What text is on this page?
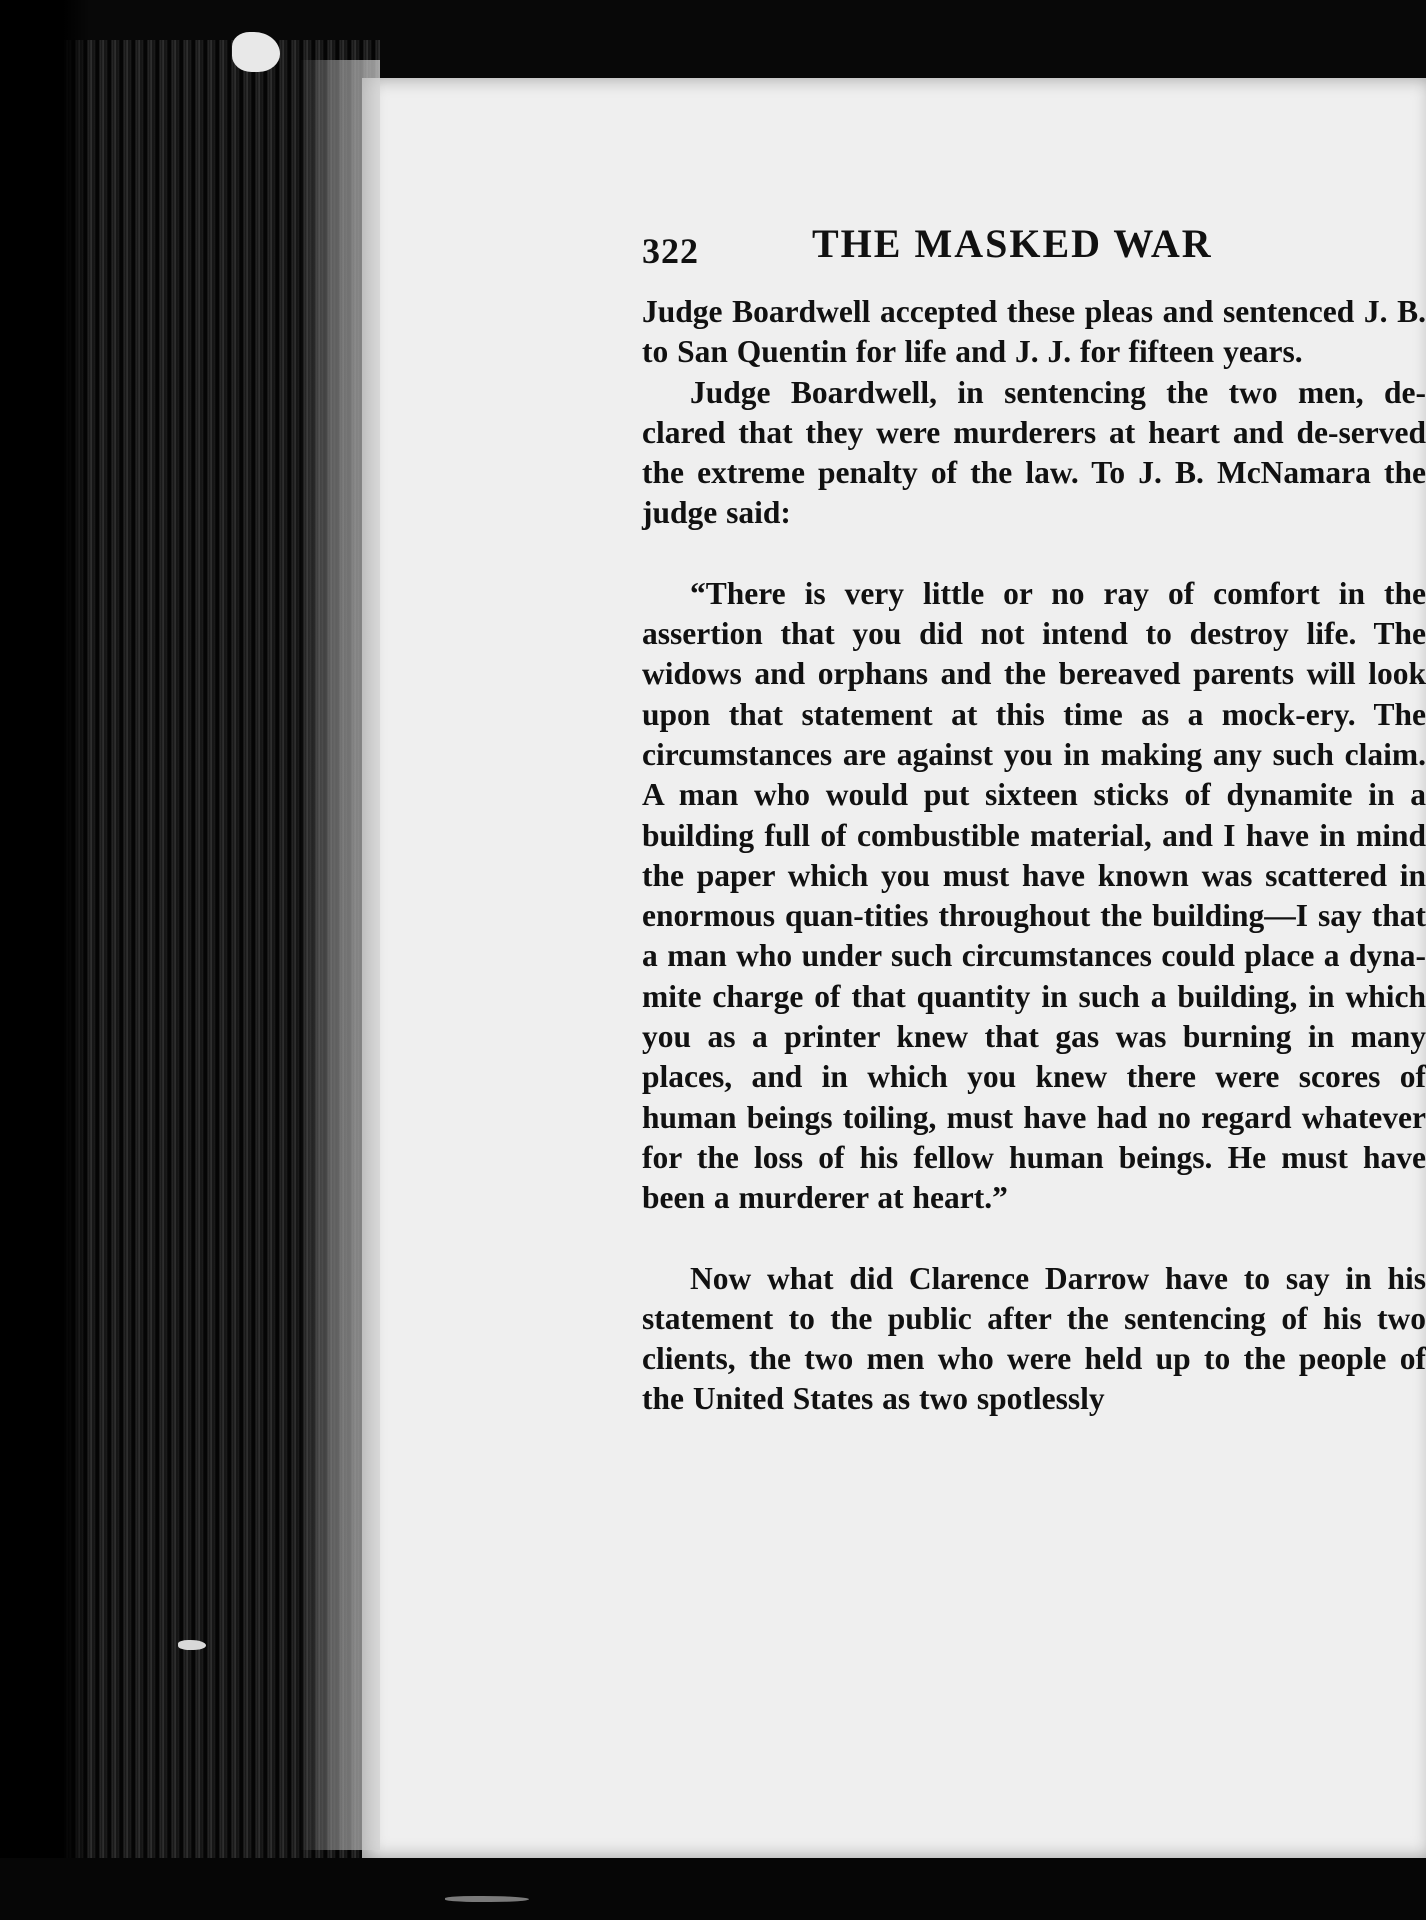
322	THE MASKED WAR

Judge Boardwell accepted these pleas and sentenced J. B. to San Quentin for life and J. J. for fifteen years.

Judge Boardwell, in sentencing the two men, de-clared that they were murderers at heart and de-served the extreme penalty of the law. To J. B. McNamara the judge said:

“There is very little or no ray of comfort in the assertion that you did not intend to destroy life. The widows and orphans and the bereaved parents will look upon that statement at this time as a mock-ery. The circumstances are against you in making any such claim. A man who would put sixteen sticks of dynamite in a building full of combustible material, and I have in mind the paper which you must have known was scattered in enormous quan-tities throughout the building—I say that a man who under such circumstances could place a dyna-mite charge of that quantity in such a building, in which you as a printer knew that gas was burning in many places, and in which you knew there were scores of human beings toiling, must have had no regard whatever for the loss of his fellow human beings. He must have been a murderer at heart.”

Now what did Clarence Darrow have to say in his statement to the public after the sentencing of his two clients, the two men who were held up to the people of the United States as two spotlessly
